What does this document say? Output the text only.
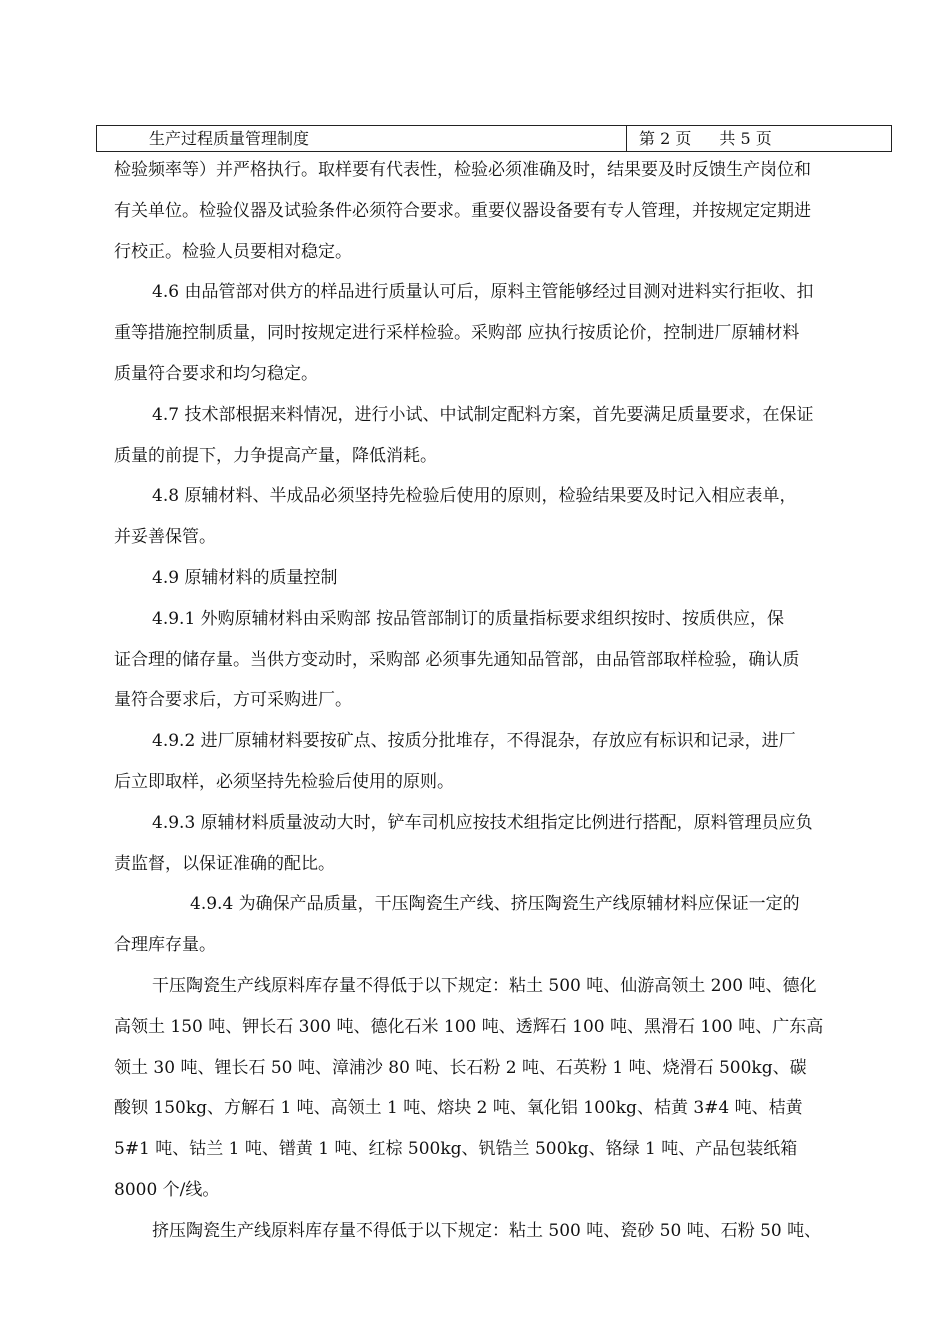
生产过程质量管理制度	第 2 页 共 5 页
检验频率等）并严格执行。取样要有代表性，检验必须准确及时，结果要及时反馈生产岗位和
有关单位。检验仪器及试验条件必须符合要求。重要仪器设备要有专人管理，并按规定定期进
行校正。检验人员要相对稳定。
4.6 由品管部对供方的样品进行质量认可后，原料主管能够经过目测对进料实行拒收、扣
重等措施控制质量，同时按规定进行采样检验。采购部 应执行按质论价，控制进厂原辅材料
质量符合要求和均匀稳定。
4.7 技术部根据来料情况，进行小试、中试制定配料方案，首先要满足质量要求，在保证
质量的前提下，力争提高产量，降低消耗。
4.8 原辅材料、半成品必须坚持先检验后使用的原则，检验结果要及时记入相应表单，
并妥善保管。
4.9 原辅材料的质量控制
4.9.1 外购原辅材料由采购部 按品管部制订的质量指标要求组织按时、按质供应，保
证合理的储存量。当供方变动时，采购部 必须事先通知品管部，由品管部取样检验，确认质
量符合要求后，方可采购进厂。
4.9.2 进厂原辅材料要按矿点、按质分批堆存，不得混杂，存放应有标识和记录，进厂
后立即取样，必须坚持先检验后使用的原则。
4.9.3 原辅材料质量波动大时，铲车司机应按技术组指定比例进行搭配，原料管理员应负
责监督，以保证准确的配比。
4.9.4 为确保产品质量，干压陶瓷生产线、挤压陶瓷生产线原辅材料应保证一定的
合理库存量。
干压陶瓷生产线原料库存量不得低于以下规定：粘土 500 吨、仙游高领土 200 吨、德化
高领土 150 吨、钾长石 300 吨、德化石米 100 吨、透辉石 100 吨、黑滑石 100 吨、广东高
领土 30 吨、锂长石 50 吨、漳浦沙 80 吨、长石粉 2 吨、石英粉 1 吨、烧滑石 500kg、碳
酸钡 150kg、方解石 1 吨、高领土 1 吨、熔块 2 吨、氧化铝 100kg、桔黄 3#4 吨、桔黄
5#1 吨、钴兰 1 吨、镨黄 1 吨、红棕 500kg、钒锆兰 500kg、铬绿 1 吨、产品包装纸箱
8000 个/线。
挤压陶瓷生产线原料库存量不得低于以下规定：粘土 500 吨、瓷砂 50 吨、石粉 50 吨、
